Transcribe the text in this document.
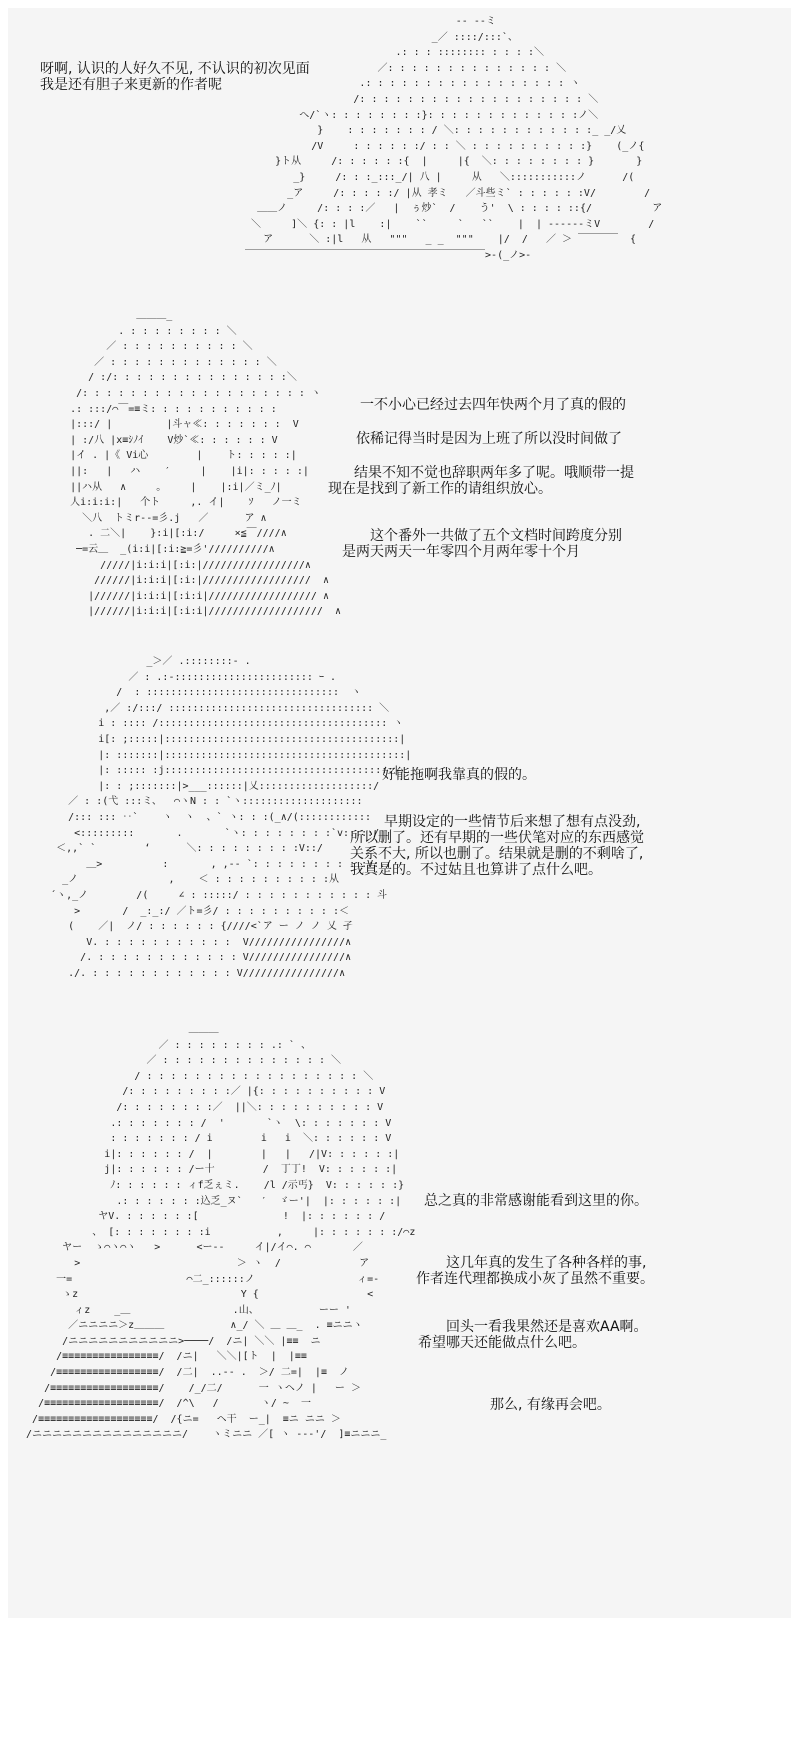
呀啊, 认识的人好久不见, 不认识的初次见面

我是还有胆子来更新的作者呢

-- --ミ
_／ ::::/:::`、
.: : : :::::::: : : : :＼
／: : : : : : : : : : : : : : ＼
.: : : : : : : : : : : : : : : : : ヽ
/: : : : : : : : : : : : : : : : : : : ＼
へ/`ヽ: : : : : : : :}: : : : : : : : : : : : :ノ＼
}    : : : : : : : / ＼: : : : : : : : : : : :_ _/乂
/V     : : : : : :/ : : ＼ : : : : : : : : : :}    (_ノ{
}ト从     /: : : : : :{  |     |{  ＼: : : : : : : : }       }
_}     /: : :_:::_/| 八 |     从   ＼:::::::::::ノ      /(
_ア     /: : : : :/ |从 孝ミ   ／斗些ミ` : : : : : :V/        /
＿＿ノ     /: : : :／   |  ぅ炒`  /    う'  \ : : : : ::{/          ア
＼     ]＼ {: : |l    :|    ``     `   ``    |  | ------ミV        /
ア      ＼ :|l   从   """   _ _  """    |/  /   ／ ＞ ￣￣￣￣  {
￣￣￣￣￣￣￣￣￣￣￣￣￣￣￣￣￣￣￣￣￣￣￣￣>-(_ノ>-
＿＿＿_
. : : : : : : : : ＼
／ : : : : : : : : : : ＼
／ : : : : : : : : : : : : : ＼
/ :/: : : : : : : : : : : : : : :＼
/: : : : : : : : : : : : : : : : : : : ヽ
.: :::/⌒￣=≡ミ: : : : : : : : : : :
|:::/ |         |斗ャ≪: : : : : : :  V
| :/八 |x≡ｼﾉｲ    V炒`≪: : : : : : V
|イ . |《 Vi心        |    ト: : : : :|
||:   |   ハ    ′     |    |i|: : : : :|
||ハ从   ∧     。    |    |:i|／ミ_ﾉ|
人i:i:i:|   个ト     ,. イ|    ｿ   ノ一ミ
＼八  トミr--=彡.j   ／      ア ∧
. 二＼|    }:i|[:i:/     ×≦￣////∧
─=云＿  _(i:i|[:i:≧=彡'//////////∧
/////|i:i:i|[:i:|/////////////////∧
//////|i:i:i|[:i:|//////////////////  ∧
|//////|i:i:i|[:i:i|////////////////// ∧
|//////|i:i:i|[:i:i|///////////////////  ∧

一不小心已经过去四年快两个月了真的假的

依稀记得当时是因为上班了所以没时间做了

结果不知不觉也辞职两年多了呢。哦顺带一提

现在是找到了新工作的请组织放心。

这个番外一共做了五个文档时间跨度分别

是两天两天一年零四个月两年零十个月

_＞／ .::::::::- .
／ : .:-::::::::::::::::::::::: ｰ .
/  : ::::::::::::::::::::::::::::::::  ヽ
,／ :/:::/ :::::::::::::::::::::::::::::::::: ＼
i : :::: /:::::::::::::::::::::::::::::::::::::: ヽ
i[: ;:::::|:::::::::::::::::::::::::::::::::::::::|
|: :::::::|::::::::::::::::::::::::::::::::::::::::|
|: ::::: :j::::::::::::::::::::::::::::::::::::::|
|: : ;:::::::|>___::::::|乂:::::::::::::::::::/
／ : :(弋 :::ミ、  ⌒ヽN : : `ヽ::::::::::::::::::::
/::: ::: ‥`    ヽ  ヽ  、` ヽ: : :(_∧/(::::::::::::
<:::::::::       .       `ヽ: : : : : : : :`v:::::/
＜,,` `        ‘      ＼: : : : : : : : :V::/
＿>          :       , ,-‐ `: : : : : : : : : :V:./
_ノ               ,    ＜ : : : : : : : : : :从
´ヽ,_ノ        /(     ∠ : :::::/ : : : : : : : : : : : 斗
>       /  _:_:/ ／ト=彡/ : : : : : : : : : :＜
(    ／|  ノ/ : : : : : : {////<`ア ー ノ ノ 乂 孑
V. : : : : : : : : : : :  V////////////////∧
/. : : : : : : : : : : : : V////////////////∧
./. : : : : : : : : : : : : V////////////////∧

好能拖啊我靠真的假的。

早期设定的一些情节后来想了想有点没劲,

所以删了。还有早期的一些伏笔对应的东西感觉

关系不大, 所以也删了。结果就是删的不剩啥了,

我真是的。不过姑且也算讲了点什么吧。

＿＿＿
／ : : : : : : : : .: ` 、
／ : : : : : : : : : : : : : : ＼
/ : : : : : : : : : : : : : : : : : : ＼
/: : : : : : : : :／ |{: : : : : : : : : : V
/: : : : : : : :／  ||＼: : : : : : : : : : V
.: : : : : : : /  '       `ヽ  \: : : : : : : V
: : : : : : : / i        i   i  ＼: : : : : : V
i|: : : : : : /  |        |   |   /|V: : : : : :|
j|: : : : : : /ー十        /  丁丁!  V: : : : : :|
ﾉ: : : : : : ィf乏ぇミ.    /l /示丐}  V: : : : : :}
.: : : : : : :込乏_ヌ`   ′  ゞー'|  |: : : : : :|
ヤV. : : : : : :[              !  |: : : : : : /
、 [: : : : : : : :i           ,     |: : : : : : :/⌒z
ヤー  ゝ⌒ヽ⌒ヽ   >      <ー--     イ|/イ⌒. ⌒       ／
>                          ＞ ヽ  /             ア
一=                   ⌒二_::::::ノ                 ィ=-
ゝz                           Y {                  <
ィz    _＿                 .山、          ーー '
／ニニニニ＞z＿＿＿           ∧_/ ＼ ＿ ＿_  . ≡ニニヽ
/ニニニニニニニニニニニ>────/  /ニ| ＼＼ |≡≡  ニ
/≡≡≡≡≡≡≡≡≡≡≡≡≡≡≡≡/  /ニ|   ＼＼|[ト  |  |≡≡
/≡≡≡≡≡≡≡≡≡≡≡≡≡≡≡≡≡/  /二|  ..‐‐ .  ＞/ 二=|  |≡  ノ
/≡≡≡≡≡≡≡≡≡≡≡≡≡≡≡≡≡≡/    /_/二/      一 ヽヘノ |   ー ＞
/≡≡≡≡≡≡≡≡≡≡≡≡≡≡≡≡≡≡≡/  /^\   /       ヽ/ ~  一
/≡≡≡≡≡≡≡≡≡≡≡≡≡≡≡≡≡≡≡/  /{ニ=   ヘ干  ー_|  ≡ニ ニニ ＞
/ニニニニニニニニニニニニニニニ/    ヽミニニ ／[ ヽ ‐‐-'/  ]≡ニニニ_

总之真的非常感谢能看到这里的你。

这几年真的发生了各种各样的事,

作者连代理都换成小灰了虽然不重要。

回头一看我果然还是喜欢AA啊。

希望哪天还能做点什么吧。

那么, 有缘再会吧。
